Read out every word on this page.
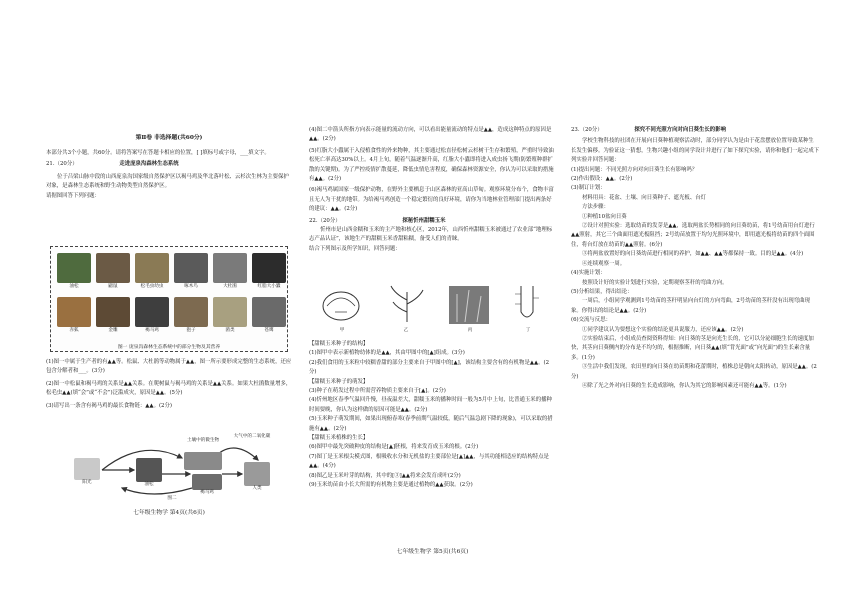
第Ⅱ卷 非选择题(共60分)

本部分共3个小题，共60分。请将答案写在答题卡相应的位置，[ ]填标号或字母，___填文字。

21.（20分）	走进庞泉沟森林生态系统

位于吕梁山脉中段的山西庞泉沟国家级自然保护区以褐马鸡及华北落叶松、云杉次生林为主要保护对象，是森林生态系统和野生动物类型自然保护区。

请据图回答下列问题：

油松	鼯鼠	松毛虫幼虫	啄木鸟	大杜鹃	红脂大小蠹
赤狐	金雕	褐马鸡	狍子	菌类	苍鹰
图一 庞泉沟森林生态系统中的部分生物及其营养

(1)图一中属于生产者的有▲▲等。松鼠、大杜鹃等动物属于▲▲，图一所示要形成完整的生态系统，还应包含分解者和___。(3分)

(2)图一中松鼠和褐马鸡的关系是▲▲关系。在爬树鼠与褐马鸡的关系是▲▲关系。如果大杜鹃数量增多，松毛虫▲▲(填“会”或“不会”)泛滥成灾，原因是▲▲。(5分)

(3)请写出一条含有褐马鸡的最长食物链：▲▲。(2分)

阳光	油松
土壤中的微生物
褐马鸡
人类
大气中的二氧化碳
图二
七年级生物学 第4页(共6页)

(4)图二中箭头所指方向表示能量的流动方向，可以看出能量流动的特点是▲▲，造成这种特点的原因是▲▲。(2分)

(5)红脂大小蠹属于入侵植食性的外来物种，其主要通过松直径松树云杉树干生存和繁殖，严重时导致油松死亡率高达30%以上。4月上旬，随着气温逐渐升高，红脂大小蠹即将进入成虫扬飞期(防繁殖种群扩散的关键期)。为了严控疫情扩散蔓延，降低虫情危害程度，确保森林资源安全，你认为可以采取的措施有▲▲。(2分)

(6)褐马鸡属国家一级保护动物，在野外主要栖息于山区森林的亚高山草甸。观察环境分布个，食物丰富且无人为干扰的地带。为给褐马鸡创造一个稳定繁衍的良好环境，请你为当地林业管理部门提出两条好的建议：▲▲。(2分)

22.（20分）	探秘忻州甜糯玉米

忻州市是山西金糯和玉米的主产地和核心区，2012年，山西忻州甜糯玉米被通过了农业部“地理标志产品认证”，该地生产的甜糯玉米香甜粘糯，备受人们的青睐。

结合下列图示及所学知识，回答问题：

甲	乙	丙	丁

【甜糯玉米种子的结构】

(1)图甲中表示新植物幼体的是▲▲，其由甲图中的[▲]组成。(3分)

(2)我们食用的玉米粒中较糯香甜的部分主要来自于甲图中的[▲]，该结构主要含有的有机物是▲▲。(2分)

【甜糯玉米种子的萌发】

(3)种子在萌发过程中所需营养物质主要来自于[▲]。(2分)

(4)忻州地区春季气温回升慢，昼夜温差大，甜糯玉米的播种时间一般为5月中上旬，比普通玉米的播种时间要晚，你认为这样做的原因可能是▲▲。(2分)

(5)玉米种子萌发期间，如果出现俯春寒(春季前期气温较低，随后气温急剧下降的现象)，可以采取的措施有▲▲。(2分)

【甜糯玉米植株的生长】

(6)图甲中最先突破种皮的结构是[▲]胚根，将来发育成玉米的根。(2分)

(7)图丁是玉米根尖模式图，根吸收水分和无机盐的主要部位是[▲]▲▲，与其功能相适应的结构特点是▲▲。(4分)

(8)图乙是玉米叶芽的结构，其中的[③]▲▲将来会发育成叶(2分)

(9)玉米幼苗由小长大所需的有机物主要是通过植物的▲▲获取。(2分)

七年级生物学 第5页(共6页)

23.（20分）	探究不同光照方向对向日葵生长的影响

学校生物科技的社团在开展向日葵种植观察活动时，部分同学认为是由于花盘摆放位置导致某种生长发生偏移。为验证这一猜想，生物兴趣小组的同学设计并进行了如下探究实验，请你和他们一起完成下列实验并回答问题：

(1)提出问题：不同光照方向对向日葵生长有影响吗？

(2)作出假设：▲▲。(2分)

(3)制订计划：

材料用具：花盆、土壤、向日葵种子、遮光板、台灯

方法步骤：

①种植10盆向日葵

②设计对照实验：选取幼苗的发芽是▲▲，选取两盆长势相同的向日葵幼苗，将1号幼苗用台灯进行▲▲照射，其它三个曲面用遮光板阻挡；2号幼苗放置于均匀光照环境中，即用遮光板将幼苗的四个面围住，将台灯放在幼苗的▲▲照射。(6分)

③将两盆放置好的向日葵幼苗进行相同的养护，如▲▲、▲▲等都保持一致。目的是▲▲。(4分)

④连续观察一周。

(4)实施计划：

按照设计好的实验计划进行实验，定期观察茎秆的弯曲方向。

(5)分析结果，得出结论：

一周后，小组同学观测到1号幼苗的茎秆明显向台灯的方向弯曲，2号幼苗的茎秆没有出现弯曲现象。你得出的结论是▲▲。(2分)

(6)交流与反思：

①同学建议认为要想这个实验的结论更具说服力，还应该▲▲。(2分)

②实验结束后，小组成员查阅资料得知：向日葵的茎是向光生长的，它可以分泌细胞生长的速度加快，其茎向日葵侧内的分布是不均匀的，根据推断，向日葵▲▲(填“背光面”或“向光面”)的生长素含量多。(1分)

③生活中我们发现，农田里的向日葵在幼苗期和花蕾期时，植株总是朝向太阳转动，原因是▲▲。(2分)

④除了光之外对向日葵的生长造成影响，你认为其它的影响因素还可能有▲▲等。(1分)
